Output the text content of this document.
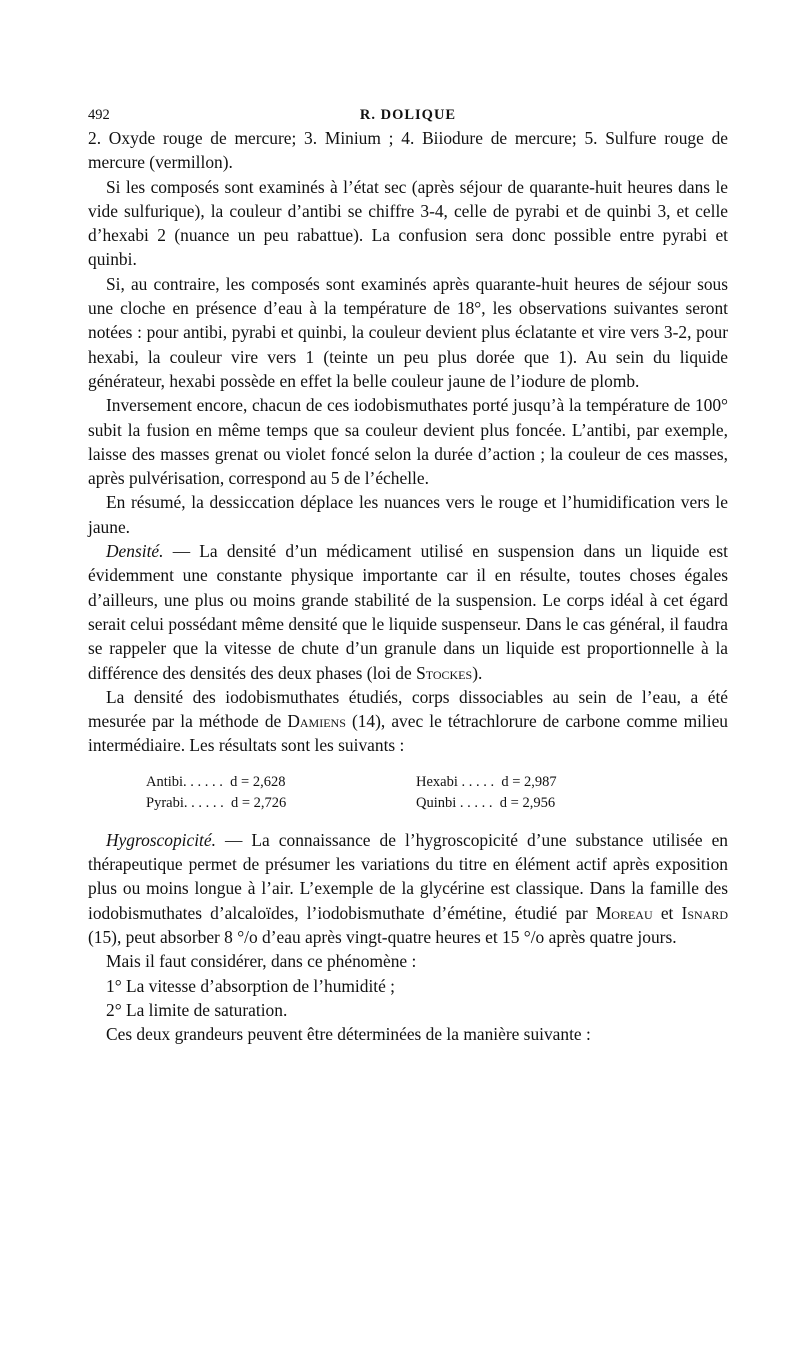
492	R. DOLIQUE

2. Oxyde rouge de mercure; 3. Minium ; 4. Biiodure de mercure; 5. Sulfure rouge de mercure (vermillon).

Si les composés sont examinés à l’état sec (après séjour de quarante-huit heures dans le vide sulfurique), la couleur d’antibi se chiffre 3-4, celle de pyrabi et de quinbi 3, et celle d’hexabi 2 (nuance un peu rabattue). La confusion sera donc possible entre pyrabi et quinbi.

Si, au contraire, les composés sont examinés après quarante-huit heures de séjour sous une cloche en présence d’eau à la température de 18°, les observations suivantes seront notées : pour antibi, pyrabi et quinbi, la couleur devient plus éclatante et vire vers 3-2, pour hexabi, la couleur vire vers 1 (teinte un peu plus dorée que 1). Au sein du liquide générateur, hexabi possède en effet la belle couleur jaune de l’iodure de plomb.

Inversement encore, chacun de ces iodobismuthates porté jusqu’à la température de 100° subit la fusion en même temps que sa couleur devient plus foncée. L’antibi, par exemple, laisse des masses grenat ou violet foncé selon la durée d’action ; la couleur de ces masses, après pulvérisation, correspond au 5 de l’échelle.

En résumé, la dessiccation déplace les nuances vers le rouge et l’humidification vers le jaune.

Densité. — La densité d’un médicament utilisé en suspension dans un liquide est évidemment une constante physique importante car il en résulte, toutes choses égales d’ailleurs, une plus ou moins grande stabilité de la suspension. Le corps idéal à cet égard serait celui possédant même densité que le liquide suspenseur. Dans le cas général, il faudra se rappeler que la vitesse de chute d’un granule dans un liquide est proportionnelle à la différence des densités des deux phases (loi de Stockes).

La densité des iodobismuthates étudiés, corps dissociables au sein de l’eau, a été mesurée par la méthode de Damiens (14), avec le tétrachlorure de carbone comme milieu intermédiaire. Les résultats sont les suivants :

Antibi. . . . . .  d = 2,628	Hexabi . . . . .  d = 2,987
Pyrabi. . . . . .  d = 2,726	Quinbi . . . . .  d = 2,956

Hygroscopicité. — La connaissance de l’hygroscopicité d’une substance utilisée en thérapeutique permet de présumer les variations du titre en élément actif après exposition plus ou moins longue à l’air. L’exemple de la glycérine est classique. Dans la famille des iodobismuthates d’alcaloïdes, l’iodobismuthate d’émétine, étudié par Moreau et Isnard (15), peut absorber 8 °/o d’eau après vingt-quatre heures et 15 °/o après quatre jours.

Mais il faut considérer, dans ce phénomène :

1° La vitesse d’absorption de l’humidité ;

2° La limite de saturation.

Ces deux grandeurs peuvent être déterminées de la manière suivante :
